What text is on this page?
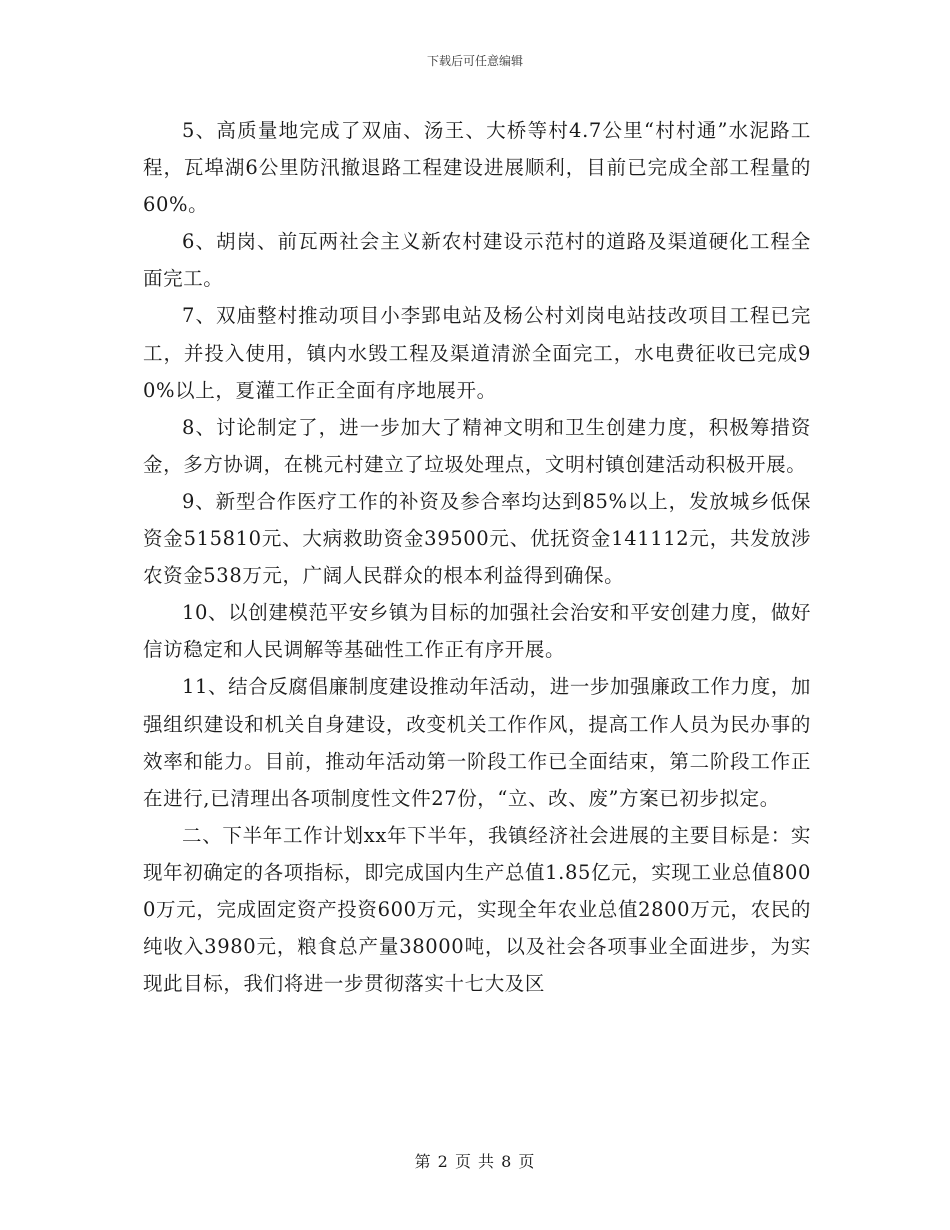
下载后可任意编辑

5、高质量地完成了双庙、汤王、大桥等村4.7公里“村村通”水泥路工程，瓦埠湖6公里防汛撤退路工程建设进展顺利，目前已完成全部工程量的60%。

6、胡岗、前瓦两社会主义新农村建设示范村的道路及渠道硬化工程全面完工。

7、双庙整村推动项目小李郢电站及杨公村刘岗电站技改项目工程已完工，并投入使用，镇内水毁工程及渠道清淤全面完工，水电费征收已完成90%以上，夏灌工作正全面有序地展开。

8、讨论制定了，进一步加大了精神文明和卫生创建力度，积极筹措资金，多方协调，在桃元村建立了垃圾处理点，文明村镇创建活动积极开展。

9、新型合作医疗工作的补资及参合率均达到85%以上，发放城乡低保资金515810元、大病救助资金39500元、优抚资金141112元，共发放涉农资金538万元，广阔人民群众的根本利益得到确保。

10、以创建模范平安乡镇为目标的加强社会治安和平安创建力度，做好信访稳定和人民调解等基础性工作正有序开展。

11、结合反腐倡廉制度建设推动年活动，进一步加强廉政工作力度，加强组织建设和机关自身建设，改变机关工作作风，提高工作人员为民办事的效率和能力。目前，推动年活动第一阶段工作已全面结束，第二阶段工作正在进行,已清理出各项制度性文件27份，“立、改、废”方案已初步拟定。

二、下半年工作计划xx年下半年，我镇经济社会进展的主要目标是：实现年初确定的各项指标，即完成国内生产总值1.85亿元，实现工业总值8000万元，完成固定资产投资600万元，实现全年农业总值2800万元，农民的纯收入3980元，粮食总产量38000吨，以及社会各项事业全面进步，为实现此目标，我们将进一步贯彻落实十七大及区

第 2 页 共 8 页
